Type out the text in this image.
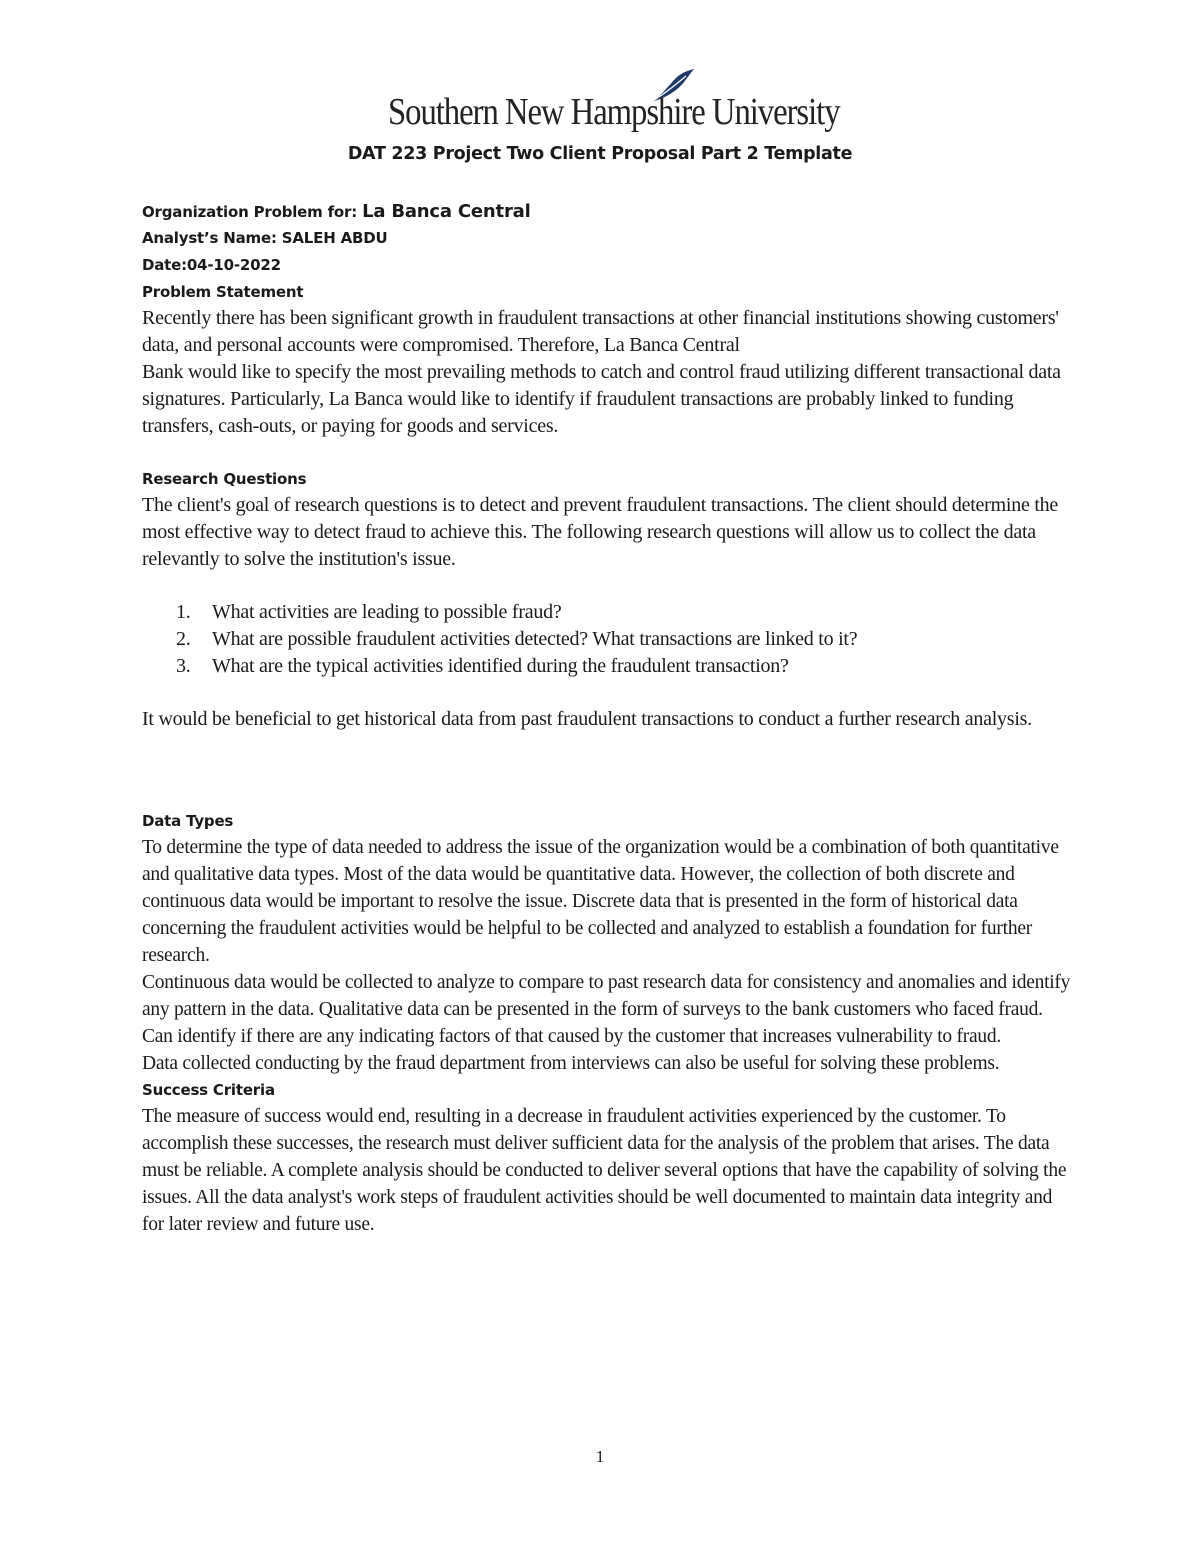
Southern New Hampshire University
DAT 223 Project Two Client Proposal Part 2 Template
Organization Problem for: La Banca Central
Analyst’s Name: SALEH ABDU
Date:04-10-2022
Problem Statement

Recently there has been significant growth in fraudulent transactions at other financial institutions showing customers' data, and personal accounts were compromised. Therefore, La Banca Central

Bank would like to specify the most prevailing methods to catch and control fraud utilizing different transactional data signatures. Particularly, La Banca would like to identify if fraudulent transactions are probably linked to funding transfers, cash-outs, or paying for goods and services.

Research Questions

The client's goal of research questions is to detect and prevent fraudulent transactions. The client should determine the most effective way to detect fraud to achieve this. The following research questions will allow us to collect the data relevantly to solve the institution's issue.

1. What activities are leading to possible fraud?
2. What are possible fraudulent activities detected? What transactions are linked to it?
3. What are the typical activities identified during the fraudulent transaction?

It would be beneficial to get historical data from past fraudulent transactions to conduct a further research analysis.

Data Types

To determine the type of data needed to address the issue of the organization would be a combination of both quantitative and qualitative data types. Most of the data would be quantitative data. However, the collection of both discrete and continuous data would be important to resolve the issue. Discrete data that is presented in the form of historical data concerning the fraudulent activities would be helpful to be collected and analyzed to establish a foundation for further research.

Continuous data would be collected to analyze to compare to past research data for consistency and anomalies and identify any pattern in the data. Qualitative data can be presented in the form of surveys to the bank customers who faced fraud. Can identify if there are any indicating factors of that caused by the customer that increases vulnerability to fraud.

Data collected conducting by the fraud department from interviews can also be useful for solving these problems.

Success Criteria

The measure of success would end, resulting in a decrease in fraudulent activities experienced by the customer. To accomplish these successes, the research must deliver sufficient data for the analysis of the problem that arises. The data must be reliable. A complete analysis should be conducted to deliver several options that have the capability of solving the issues. All the data analyst's work steps of fraudulent activities should be well documented to maintain data integrity and for later review and future use.

1
